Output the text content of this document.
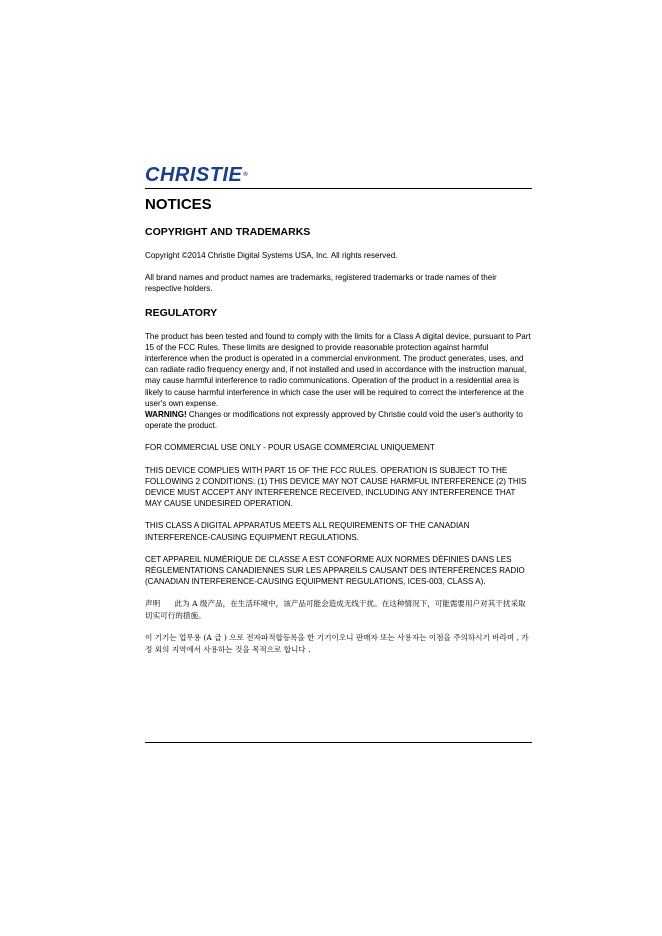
CHRISTIE®
NOTICES
COPYRIGHT AND TRADEMARKS

Copyright ©2014 Christie Digital Systems USA, Inc. All rights reserved.

All brand names and product names are trademarks, registered trademarks or trade names of their respective holders.

REGULATORY

The product has been tested and found to comply with the limits for a Class A digital device, pursuant to Part 15 of the FCC Rules. These limits are designed to provide reasonable protection against harmful interference when the product is operated in a commercial environment. The product generates, uses, and can radiate radio frequency energy and, if not installed and used in accordance with the instruction manual, may cause harmful interference to radio communications. Operation of the product in a residential area is likely to cause harmful interference in which case the user will be required to correct the interference at the user's own expense.
WARNING! Changes or modifications not expressly approved by Christie could void the user's authority to operate the product.

FOR COMMERCIAL USE ONLY - POUR USAGE COMMERCIAL UNIQUEMENT

THIS DEVICE COMPLIES WITH PART 15 OF THE FCC RULES. OPERATION IS SUBJECT TO THE FOLLOWING 2 CONDITIONS: (1) THIS DEVICE MAY NOT CAUSE HARMFUL INTERFERENCE (2) THIS DEVICE MUST ACCEPT ANY INTERFERENCE RECEIVED, INCLUDING ANY INTERFERENCE THAT MAY CAUSE UNDESIRED OPERATION.

THIS CLASS A DIGITAL APPARATUS MEETS ALL REQUIREMENTS OF THE CANADIAN INTERFERENCE-CAUSING EQUIPMENT REGULATIONS.

CET APPAREIL NUMÉRIQUE DE CLASSE A EST CONFORME AUX NORMES DÉFINIES DANS LES RÉGLEMENTATIONS CANADIENNES SUR LES APPAREILS CAUSANT DES INTERFÉRENCES RADIO (CANADIAN INTERFERENCE-CAUSING EQUIPMENT REGULATIONS, ICES-003, CLASS A).

声明 此为 A 级产品，在生活环境中，该产品可能会造成无线干扰。在这种情况下，可能需要用户对其干扰采取切实可行的措施。

이 기기는 업무용 (A 급 ) 으로 전자파적합등록을 한 기기이오니 판매자 또는 사용자는 이점을 주의하시기 바라며 , 가정 외의 지역에서 사용하는 것을 목적으로 합니다 .
